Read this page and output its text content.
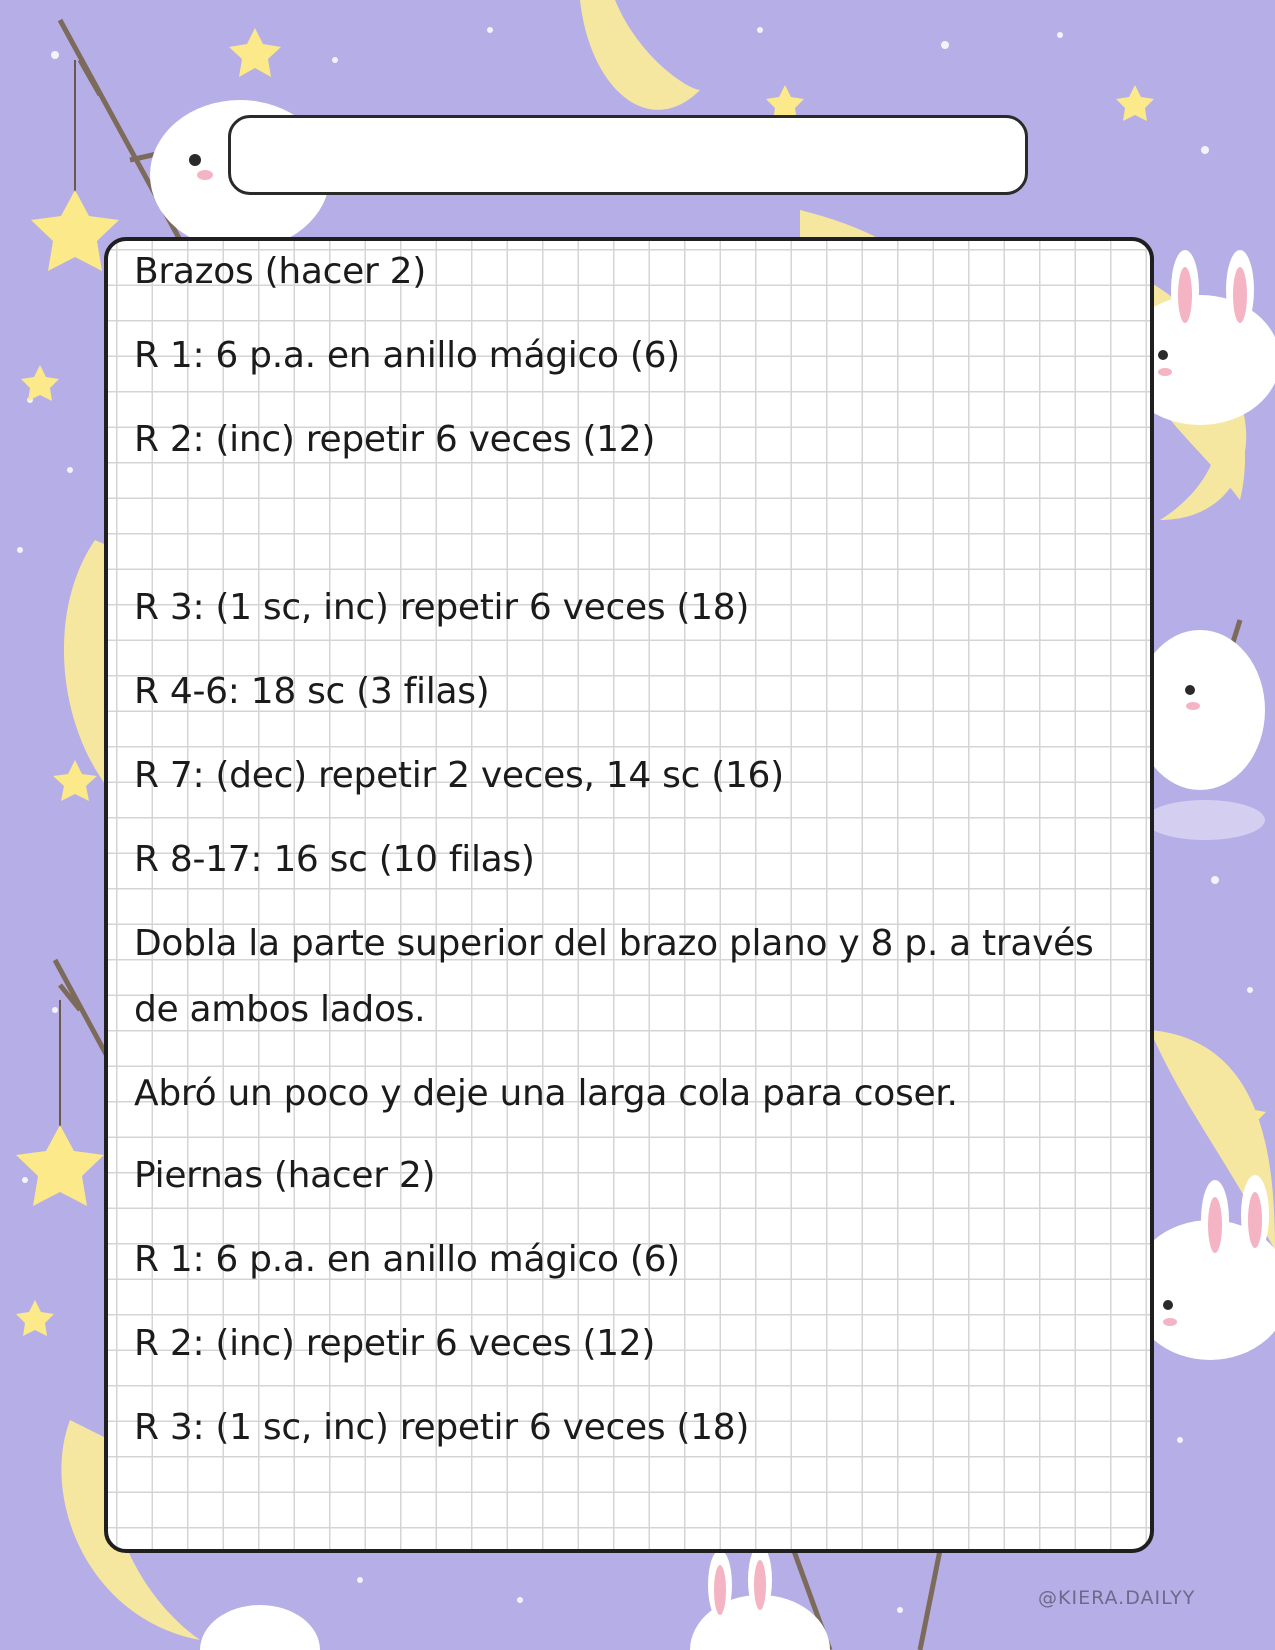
Brazos (hacer 2)

R 1: 6 p.a. en anillo mágico (6)

R 2: (inc) repetir 6 veces (12)

R 3: (1 sc, inc) repetir 6 veces (18)

R 4-6: 18 sc (3 filas)

R 7: (dec) repetir 2 veces, 14 sc (16)

R 8-17: 16 sc (10 filas)

Dobla la parte superior del brazo plano y 8 p. a través

de ambos lados.

Abró un poco y deje una larga cola para coser.

Piernas (hacer 2)

R 1: 6 p.a. en anillo mágico (6)

R 2: (inc) repetir 6 veces (12)

R 3: (1 sc, inc) repetir 6 veces (18)

@KIERA.DAILYY
